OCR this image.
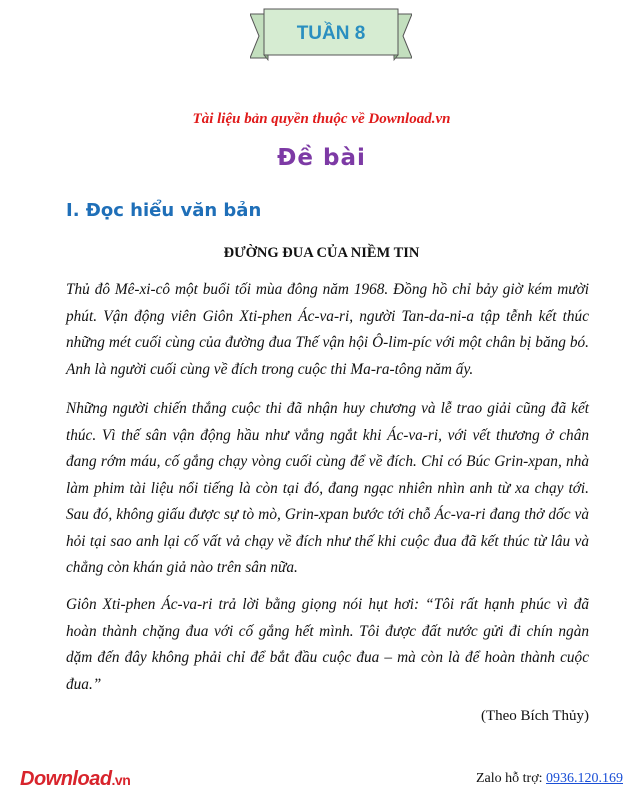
TUẦN 8
Tài liệu bản quyền thuộc về Download.vn
Đề bài
I. Đọc hiểu văn bản
ĐƯỜNG ĐUA CỦA NIỀM TIN
Thủ đô Mê-xi-cô một buổi tối mùa đông năm 1968. Đồng hồ chỉ bảy giờ kém mười phút. Vận động viên Giôn Xti-phen Ác-va-ri, người Tan-da-ni-a tập tễnh kết thúc những mét cuối cùng của đường đua Thế vận hội Ô-lim-píc với một chân bị băng bó. Anh là người cuối cùng về đích trong cuộc thi Ma-ra-tông năm ấy.
Những người chiến thắng cuộc thi đã nhận huy chương và lễ trao giải cũng đã kết thúc. Vì thế sân vận động hầu như vắng ngắt khi Ác-va-ri, với vết thương ở chân đang rớm máu, cố gắng chạy vòng cuối cùng để về đích. Chỉ có Búc Grin-xpan, nhà làm phim tài liệu nổi tiếng là còn tại đó, đang ngạc nhiên nhìn anh từ xa chạy tới. Sau đó, không giấu được sự tò mò, Grin-xpan bước tới chỗ Ác-va-ri đang thở dốc và hỏi tại sao anh lại cố vất vả chạy về đích như thế khi cuộc đua đã kết thúc từ lâu và chẳng còn khán giả nào trên sân nữa.
Giôn Xti-phen Ác-va-ri trả lời bằng giọng nói hụt hơi: “Tôi rất hạnh phúc vì đã hoàn thành chặng đua với cố gắng hết mình. Tôi được đất nước gửi đi chín ngàn dặm đến đây không phải chỉ để bắt đầu cuộc đua – mà còn là để hoàn thành cuộc đua.”
(Theo Bích Thủy)
Download.vn	Zalo hỗ trợ: 0936.120.169
